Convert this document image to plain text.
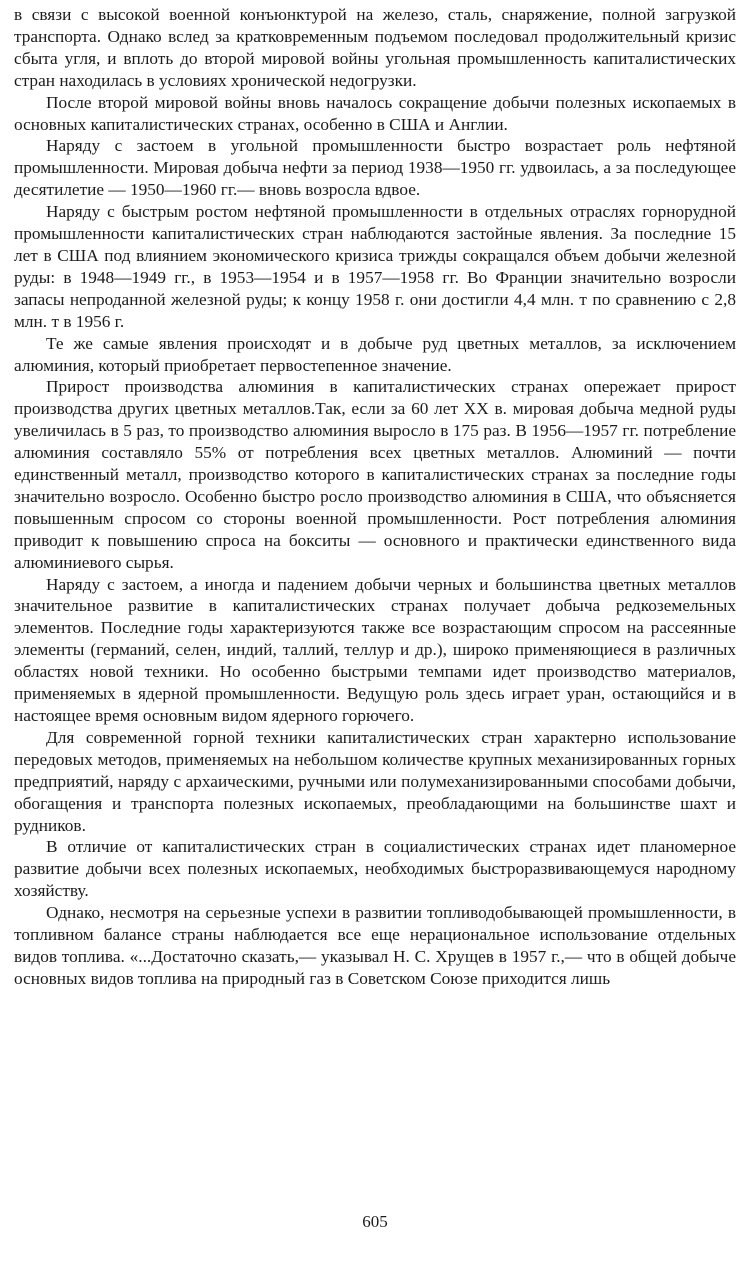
в связи с высокой военной конъюнктурой на железо, сталь, снаряжение, полной загрузкой транспорта. Однако вслед за кратковременным подъемом последовал продолжительный кризис сбыта угля, и вплоть до второй мировой войны угольная промышленность капиталистических стран находилась в условиях хронической недогрузки.

После второй мировой войны вновь началось сокращение добычи полезных ископаемых в основных капиталистических странах, особенно в США и Англии.

Наряду с застоем в угольной промышленности быстро возрастает роль нефтяной промышленности. Мировая добыча нефти за период 1938—1950 гг. удвоилась, а за последующее десятилетие — 1950—1960 гг.— вновь возросла вдвое.

Наряду с быстрым ростом нефтяной промышленности в отдельных отраслях горнорудной промышленности капиталистических стран наблюдаются застойные явления. За последние 15 лет в США под влиянием экономического кризиса трижды сокращался объем добычи железной руды: в 1948—1949 гг., в 1953—1954 и в 1957—1958 гг. Во Франции значительно возросли запасы непроданной железной руды; к концу 1958 г. они достигли 4,4 млн. т по сравнению с 2,8 млн. т в 1956 г.

Те же самые явления происходят и в добыче руд цветных металлов, за исключением алюминия, который приобретает первостепенное значение.

Прирост производства алюминия в капиталистических странах опережает прирост производства других цветных металлов.Так, если за 60 лет XX в. мировая добыча медной руды увеличилась в 5 раз, то производство алюминия выросло в 175 раз. В 1956—1957 гг. потребление алюминия составляло 55% от потребления всех цветных металлов. Алюминий — почти единственный металл, производство которого в капиталистических странах за последние годы значительно возросло. Особенно быстро росло производство алюминия в США, что объясняется повышенным спросом со стороны военной промышленности. Рост потребления алюминия приводит к повышению спроса на бокситы — основного и практически единственного вида алюминиевого сырья.

Наряду с застоем, а иногда и падением добычи черных и большинства цветных металлов значительное развитие в капиталистических странах получает добыча редкоземельных элементов. Последние годы характеризуются также все возрастающим спросом на рассеянные элементы (германий, селен, индий, таллий, теллур и др.), широко применяющиеся в различных областях новой техники. Но особенно быстрыми темпами идет производство материалов, применяемых в ядерной промышленности. Ведущую роль здесь играет уран, остающийся и в настоящее время основным видом ядерного горючего.

Для современной горной техники капиталистических стран характерно использование передовых методов, применяемых на небольшом количестве крупных механизированных горных предприятий, наряду с архаическими, ручными или полумеханизированными способами добычи, обогащения и транспорта полезных ископаемых, преобладающими на большинстве шахт и рудников.

В отличие от капиталистических стран в социалистических странах идет планомерное развитие добычи всех полезных ископаемых, необходимых быстроразвивающемуся народному хозяйству.

Однако, несмотря на серьезные успехи в развитии топливодобывающей промышленности, в топливном балансе страны наблюдается все еще нерациональное использование отдельных видов топлива. «...Достаточно сказать,— указывал Н. С. Хрущев в 1957 г.,— что в общей добыче основных видов топлива на природный газ в Советском Союзе приходится лишь

605
